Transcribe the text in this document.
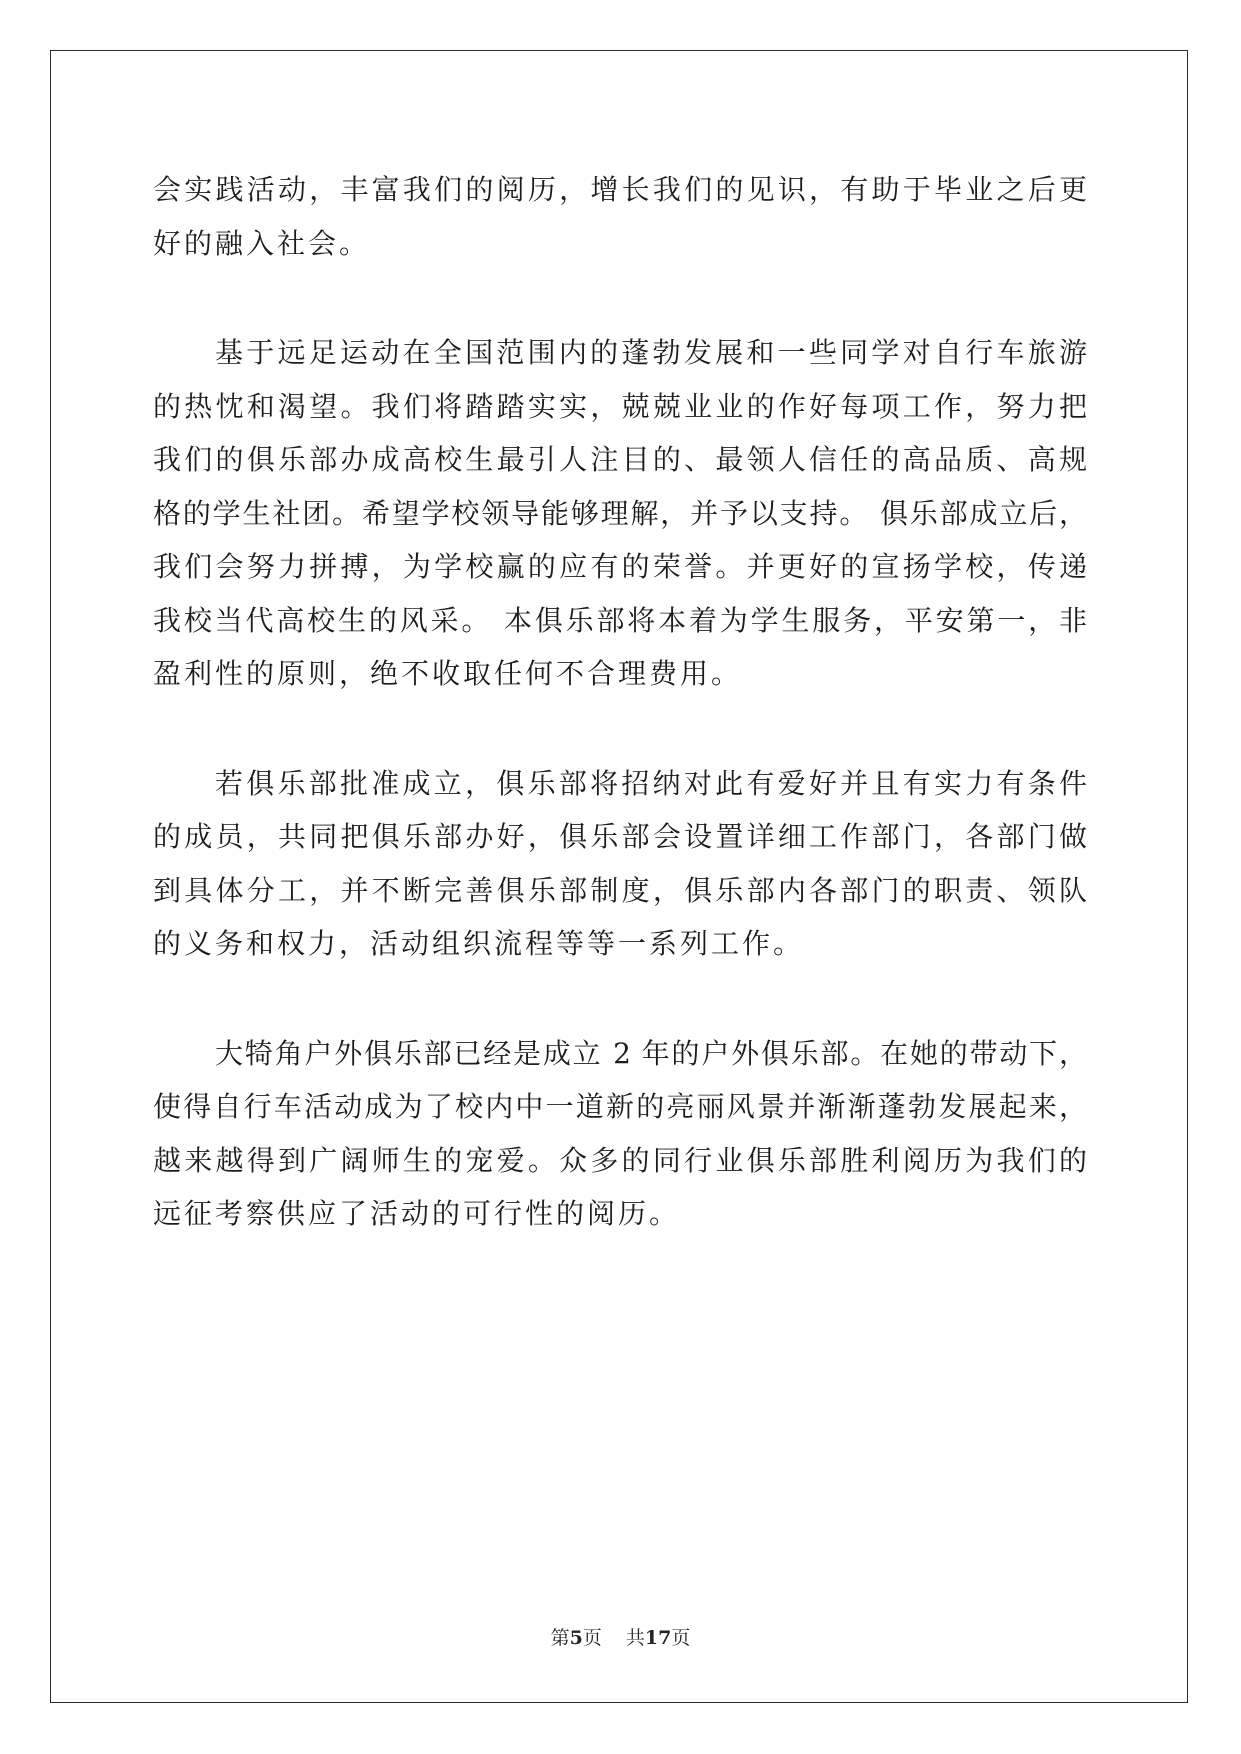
会实践活动，丰富我们的阅历，增长我们的见识，有助于毕业之后更
好的融入社会。
基于远足运动在全国范围内的蓬勃发展和一些同学对自行车旅游
的热忱和渴望。我们将踏踏实实，兢兢业业的作好每项工作，努力把
我们的俱乐部办成高校生最引人注目的、最领人信任的高品质、高规
格的学生社团。希望学校领导能够理解，并予以支持。 俱乐部成立后，
我们会努力拼搏，为学校赢的应有的荣誉。并更好的宣扬学校，传递
我校当代高校生的风采。 本俱乐部将本着为学生服务，平安第一，非
盈利性的原则，绝不收取任何不合理费用。
若俱乐部批准成立，俱乐部将招纳对此有爱好并且有实力有条件
的成员，共同把俱乐部办好，俱乐部会设置详细工作部门，各部门做
到具体分工，并不断完善俱乐部制度，俱乐部内各部门的职责、领队
的义务和权力，活动组织流程等等一系列工作。
大犄角户外俱乐部已经是成立 2 年的户外俱乐部。在她的带动下，
使得自行车活动成为了校内中一道新的亮丽风景并渐渐蓬勃发展起来，
越来越得到广阔师生的宠爱。众多的同行业俱乐部胜利阅历为我们的
远征考察供应了活动的可行性的阅历。
第5页 共17页
